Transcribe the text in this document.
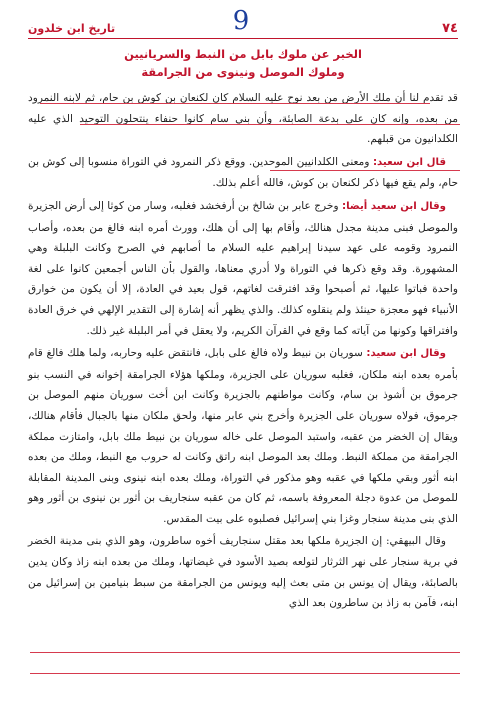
تاريخ ابن خلدون	9	٧٤
الخبر عن ملوك بابل من النبط والسريانيين
وملوك الموصل ونينوى من الجرامقة

قد تقدم لنا أن ملك الأرض من بعد نوح عليه السلام كان لكنعان بن كوش بن حام، ثم لابنه النمرود من بعده، وإنه كان على بدعة الصابئة، وأن بني سام كانوا حنفاء ينتحلون التوحيد الذي عليه الكلدانيون من قبلهم.

قال ابن سعيد: ومعنى الكلدانيين الموحدين. ووقع ذكر النمرود في التوراة منسوبا إلى كوش بن حام، ولم يقع فيها ذكر لكنعان بن كوش، فالله أعلم بذلك.

وقال ابن سعيد أيضا: وخرج عابر بن شالخ بن أرفخشد فغلبه، وسار من كوثا إلى أرض الجزيرة والموصل فبنى مدينة مجدل هنالك، وأقام بها إلى أن هلك، وورث أمره ابنه فالغ من بعده، وأصاب النمرود وقومه على عهد سيدنا إبراهيم عليه السلام ما أصابهم في الصرح وكانت البلبلة وهي المشهورة. وقد وقع ذكرها في التوراة ولا أدري معناها، والقول بأن الناس أجمعين كانوا على لغة واحدة فباتوا عليها، ثم أصبحوا وقد افترقت لغاتهم، قول بعيد في العادة، إلا أن يكون من خوارق الأنبياء فهو معجزة حينئذ ولم ينقلوه كذلك. والذي يظهر أنه إشارة إلى التقدير الإلهي في خرق العادة وافتراقها وكونها من آياته كما وقع في القرآن الكريم، ولا يعقل في أمر البلبلة غير ذلك.

وقال ابن سعيد: سوريان بن نبيط ولاه فالغ على بابل، فانتقض عليه وحاربه، ولما هلك فالغ قام بأمره بعده ابنه ملكان، فغلبه سوريان على الجزيرة، وملكها هؤلاء الجرامقة إخوانه في النسب بنو جرموق بن أشوذ بن سام، وكانت مواطنهم بالجزيرة وكانت ابن أخت سوريان منهم الموصل بن جرموق، فولاه سوريان على الجزيرة وأخرج بني عابر منها، ولحق ملكان منها بالجبال فأقام هنالك، ويقال إن الخضر من عقبه، واستبد الموصل على خاله سوريان بن نبيط ملك بابل، وامتازت مملكة الجرامقة من مملكة النبط. وملك بعد الموصل ابنه راتق وكانت له حروب مع النبط، وملك من بعده ابنه أثور وبقي ملكها في عقبه وهو مذكور في التوراة، وملك بعده ابنه نينوى وبنى المدينة المقابلة للموصل من عدوة دجلة المعروفة باسمه، ثم كان من عقبه سنجاريف بن أثور بن نينوى بن أثور وهو الذي بنى مدينة سنجار وغزا بني إسرائيل فصلبوه على بيت المقدس.

وقال البيهقي: إن الجزيرة ملكها بعد مقتل سنجاريف أخوه ساطرون، وهو الذي بنى مدينة الخضر في برية سنجار على نهر الثرثار لتولعه بصيد الأسود في غيضاتها، وملك من بعده ابنه زاذ وكان يدين بالصابئة، ويقال إن يونس بن متى بعث إليه ويونس من الجرامقة من سبط بنيامين بن إسرائيل من ابنه، فآمن به زاذ بن ساطرون بعد الذي
